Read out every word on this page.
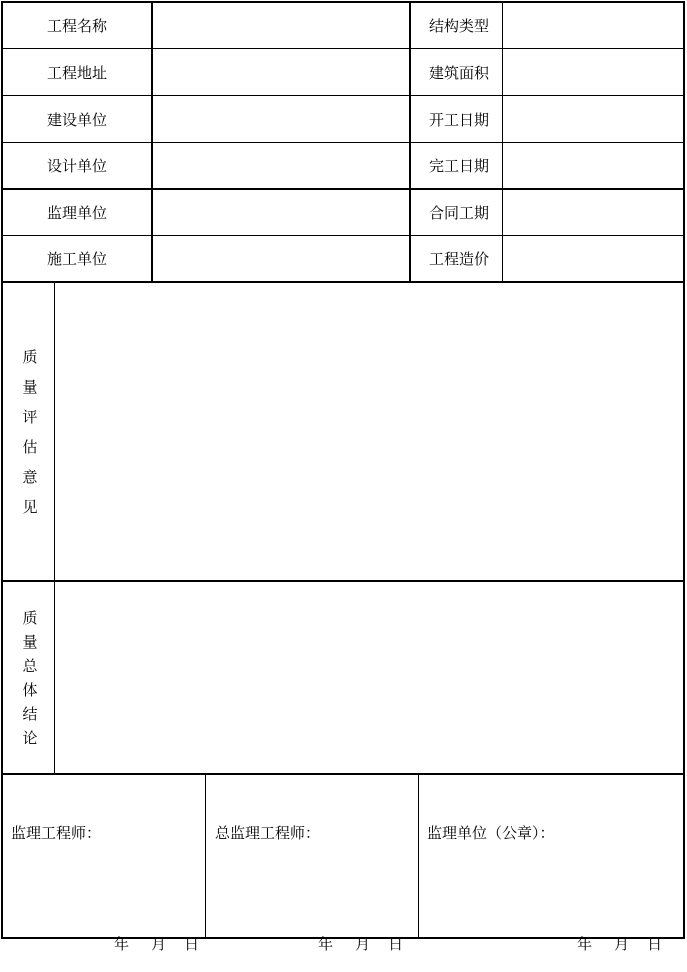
工程名称	结构类型
工程地址	建筑面积
建设单位	开工日期
设计单位	完工日期
监理单位	合同工期
施工单位	工程造价
质
量
评
估
意
见
质
量
总
体
结
论
监理工程师：	总监理工程师：	监理单位（公章）：

年 月 日
	年 月 日
	年 月 日
